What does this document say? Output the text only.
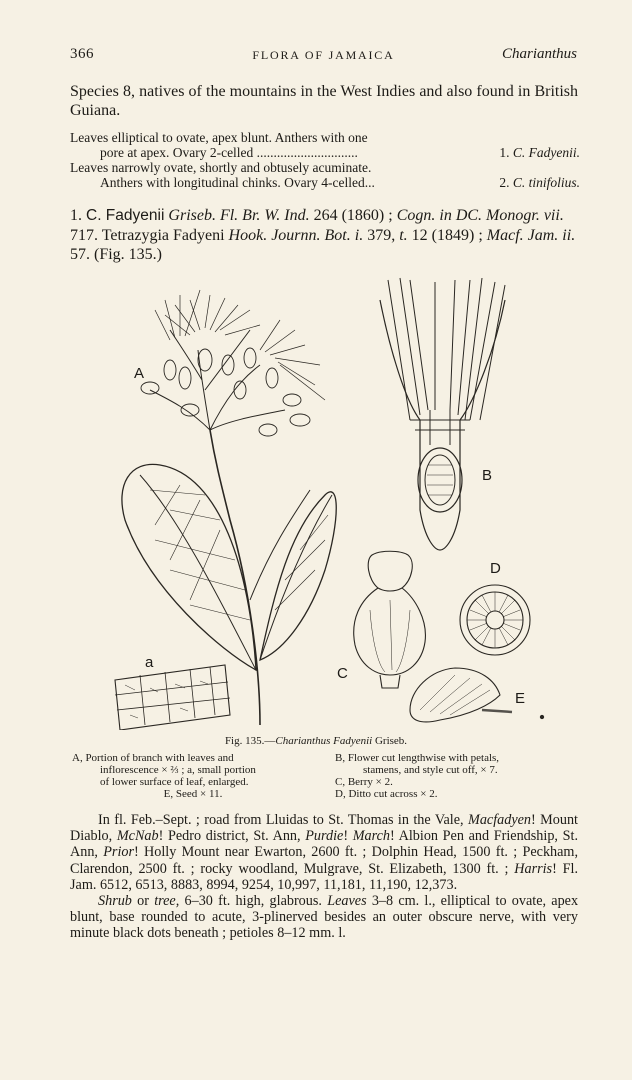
366	FLORA OF JAMAICA	Charianthus
Species 8, natives of the mountains in the West Indies and also found in British Guiana.
Leaves elliptical to ovate, apex blunt. Anthers with one
pore at apex. Ovary 2-celled ..............................	1. C. Fadyenii.
Leaves narrowly ovate, shortly and obtusely acuminate.
Anthers with longitudinal chinks. Ovary 4-celled...	2. C. tinifolius.
1. C. Fadyenii Griseb. Fl. Br. W. Ind. 264 (1860) ; Cogn. in DC. Monogr. vii. 717. Tetrazygia Fadyeni Hook. Journn. Bot. i. 379, t. 12 (1849) ; Macf. Jam. ii. 57. (Fig. 135.)
A
a
B
C
D
E
Fig. 135.—Charianthus Fadyenii Griseb.
A, Portion of branch with leaves and
inflorescence × ⅔ ; a, small portion
of lower surface of leaf, enlarged.
E, Seed × 11.
B, Flower cut lengthwise with petals,
stamens, and style cut off, × 7.
C, Berry × 2.
D, Ditto cut across × 2.

In fl. Feb.–Sept. ; road from Lluidas to St. Thomas in the Vale, Macfadyen! Mount Diablo, McNab! Pedro district, St. Ann, Purdie! March! Albion Pen and Friendship, St. Ann, Prior! Holly Mount near Ewarton, 2600 ft. ; Dolphin Head, 1500 ft. ; Peckham, Clarendon, 2500 ft. ; rocky woodland, Mulgrave, St. Elizabeth, 1300 ft. ; Harris! Fl. Jam. 6512, 6513, 8883, 8994, 9254, 10,997, 11,181, 11,190, 12,373.

Shrub or tree, 6–30 ft. high, glabrous. Leaves 3–8 cm. l., elliptical to ovate, apex blunt, base rounded to acute, 3-plinerved besides an outer obscure nerve, with very minute black dots beneath ; petioles 8–12 mm. l.
